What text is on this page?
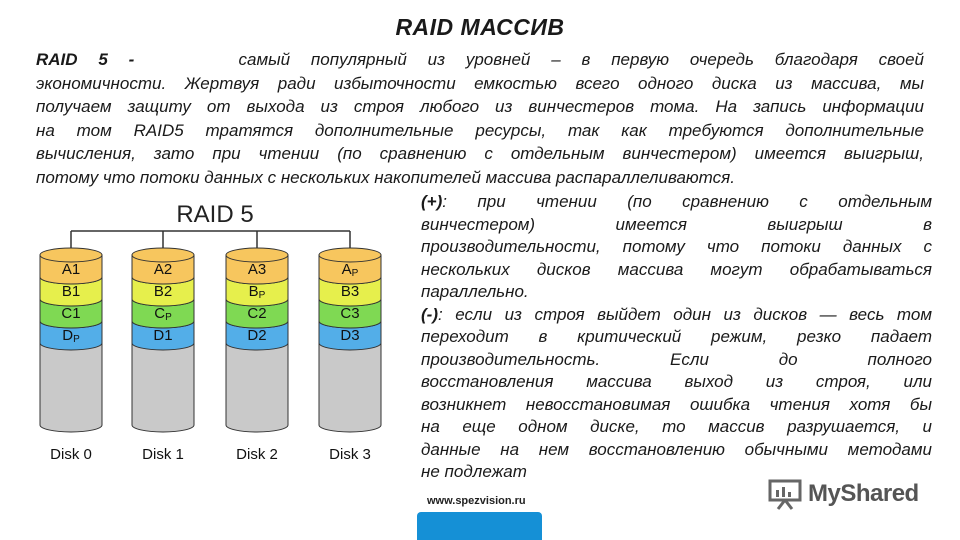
RAID МАССИВ
RAID 5 -	самый популярный из уровней – в первую очередь благодаря своей
экономичности. Жертвуя ради избыточности емкостью всего одного диска из массива, мы
получаем защиту от выхода из строя любого из винчестеров тома. На запись информации
на том RAID5 тратятся дополнительные ресурсы, так как требуются дополнительные
вычисления, зато при чтении (по сравнению с отдельным винчестером) имеется выигрыш,
потому что потоки данных с нескольких накопителей массива распараллеливаются.
RAID 5
A1
B1
C1
DP
Disk 0
A2
B2
CP
D1
Disk 1
A3
BP
C2
D2
Disk 2
AP
B3
C3
D3
Disk 3
(+): при чтении (по сравнению с отдельным
винчестером) имеется выигрыш в
производительности, потому что потоки данных с
нескольких дисков массива могут обрабатываться
параллельно.
(-): если из строя выйдет один из дисков — весь том
переходит в критический режим, резко падает
производительность. Если до полного
восстановления массива выход из строя, или
возникнет невосстановимая ошибка чтения хотя бы
на еще одном диске, то массив разрушается, и
данные на нем восстановлению обычными методами
не подлежат
www.spezvision.ru	MyShared
